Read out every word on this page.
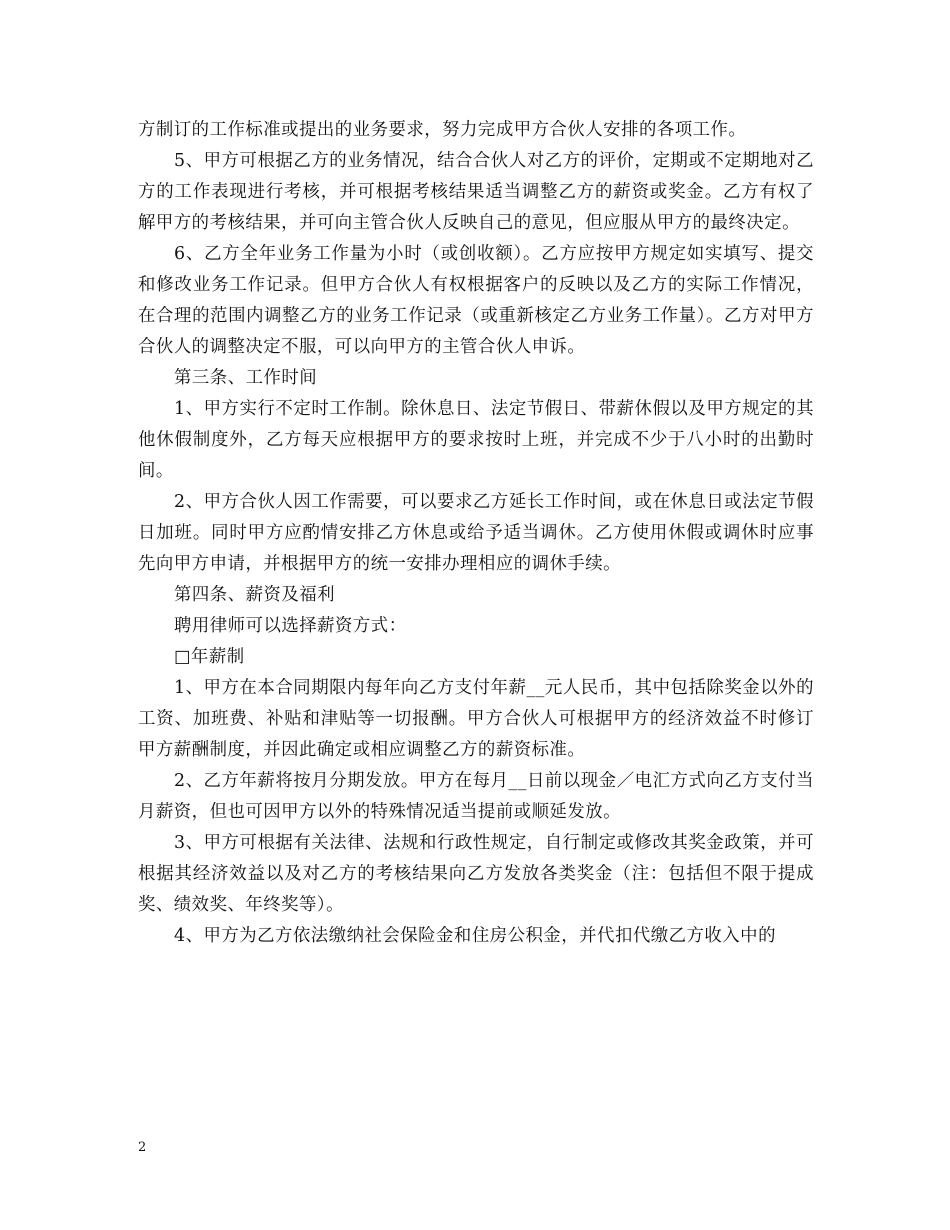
方制订的工作标准或提出的业务要求，努力完成甲方合伙人安排的各项工作。

5、甲方可根据乙方的业务情况，结合合伙人对乙方的评价，定期或不定期地对乙方的工作表现进行考核，并可根据考核结果适当调整乙方的薪资或奖金。乙方有权了解甲方的考核结果，并可向主管合伙人反映自己的意见，但应服从甲方的最终决定。

6、乙方全年业务工作量为小时（或创收额）。乙方应按甲方规定如实填写、提交和修改业务工作记录。但甲方合伙人有权根据客户的反映以及乙方的实际工作情况，在合理的范围内调整乙方的业务工作记录（或重新核定乙方业务工作量）。乙方对甲方合伙人的调整决定不服，可以向甲方的主管合伙人申诉。

第三条、工作时间

1、甲方实行不定时工作制。除休息日、法定节假日、带薪休假以及甲方规定的其他休假制度外，乙方每天应根据甲方的要求按时上班，并完成不少于八小时的出勤时间。

2、甲方合伙人因工作需要，可以要求乙方延长工作时间，或在休息日或法定节假日加班。同时甲方应酌情安排乙方休息或给予适当调休。乙方使用休假或调休时应事先向甲方申请，并根据甲方的统一安排办理相应的调休手续。

第四条、薪资及福利

聘用律师可以选择薪资方式：

□年薪制

1、甲方在本合同期限内每年向乙方支付年薪__元人民币，其中包括除奖金以外的工资、加班费、补贴和津贴等一切报酬。甲方合伙人可根据甲方的经济效益不时修订甲方薪酬制度，并因此确定或相应调整乙方的薪资标准。

2、乙方年薪将按月分期发放。甲方在每月__日前以现金／电汇方式向乙方支付当月薪资，但也可因甲方以外的特殊情况适当提前或顺延发放。

3、甲方可根据有关法律、法规和行政性规定，自行制定或修改其奖金政策，并可根据其经济效益以及对乙方的考核结果向乙方发放各类奖金（注：包括但不限于提成奖、绩效奖、年终奖等）。

4、甲方为乙方依法缴纳社会保险金和住房公积金，并代扣代缴乙方收入中的

2
